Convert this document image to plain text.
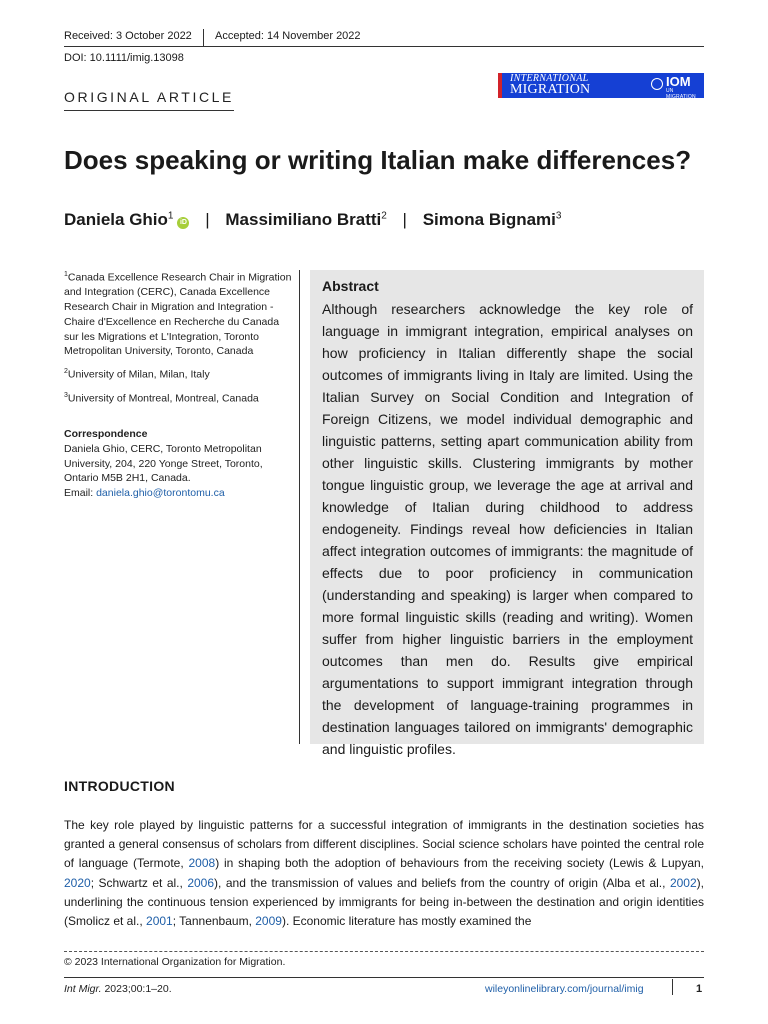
Received: 3 October 2022 Accepted: 14 November 2022
DOI: 10.1111/imig.13098
ORIGINAL ARTICLE
INTERNATIONAL
MIGRATION
IOM
UN MIGRATION
Does speaking or writing Italian make differences?
Daniela Ghio$^1$iD | Massimiliano Bratti$^2$ | Simona Bignami$^3$

$^1$Canada Excellence Research Chair in Migration and Integration (CERC), Canada Excellence Research Chair in Migration and Integration - Chaire d'Excellence en Recherche du Canada sur les Migrations et L'Integration, Toronto Metropolitan University, Toronto, Canada

$^2$University of Milan, Milan, Italy

$^3$University of Montreal, Montreal, Canada

Correspondence
Daniela Ghio, CERC, Toronto Metropolitan University, 204, 220 Yonge Street, Toronto, Ontario M5B 2H1, Canada.
Email: daniela.ghio@torontomu.ca
Abstract

Although researchers acknowledge the key role of language in immigrant integration, empirical analyses on how proficiency in Italian differently shape the social outcomes of immigrants living in Italy are limited. Using the Italian Survey on Social Condition and Integration of Foreign Citizens, we model individual demographic and linguistic patterns, setting apart communication ability from other linguistic skills. Clustering immigrants by mother tongue linguistic group, we leverage the age at arrival and knowledge of Italian during childhood to address endogeneity. Findings reveal how deficiencies in Italian affect integration outcomes of immigrants: the magnitude of effects due to poor proficiency in communication (understanding and speaking) is larger when compared to more formal linguistic skills (reading and writing). Women suffer from higher linguistic barriers in the employment outcomes than men do. Results give empirical argumentations to support immigrant integration through the development of language-training programmes in destination languages tailored on immigrants' demographic and linguistic profiles.

INTRODUCTION

The key role played by linguistic patterns for a successful integration of immigrants in the destination societies has granted a general consensus of scholars from different disciplines. Social science scholars have pointed the central role of language (Termote, 2008) in shaping both the adoption of behaviours from the receiving society (Lewis & Lupyan, 2020; Schwartz et al., 2006), and the transmission of values and beliefs from the country of origin (Alba et al., 2002), underlining the continuous tension experienced by immigrants for being in-between the destination and origin identities (Smolicz et al., 2001; Tannenbaum, 2009). Economic literature has mostly examined the

© 2023 International Organization for Migration.
Int Migr. 2023;00:1–20.	wileyonlinelibrary.com/journal/imig	1
